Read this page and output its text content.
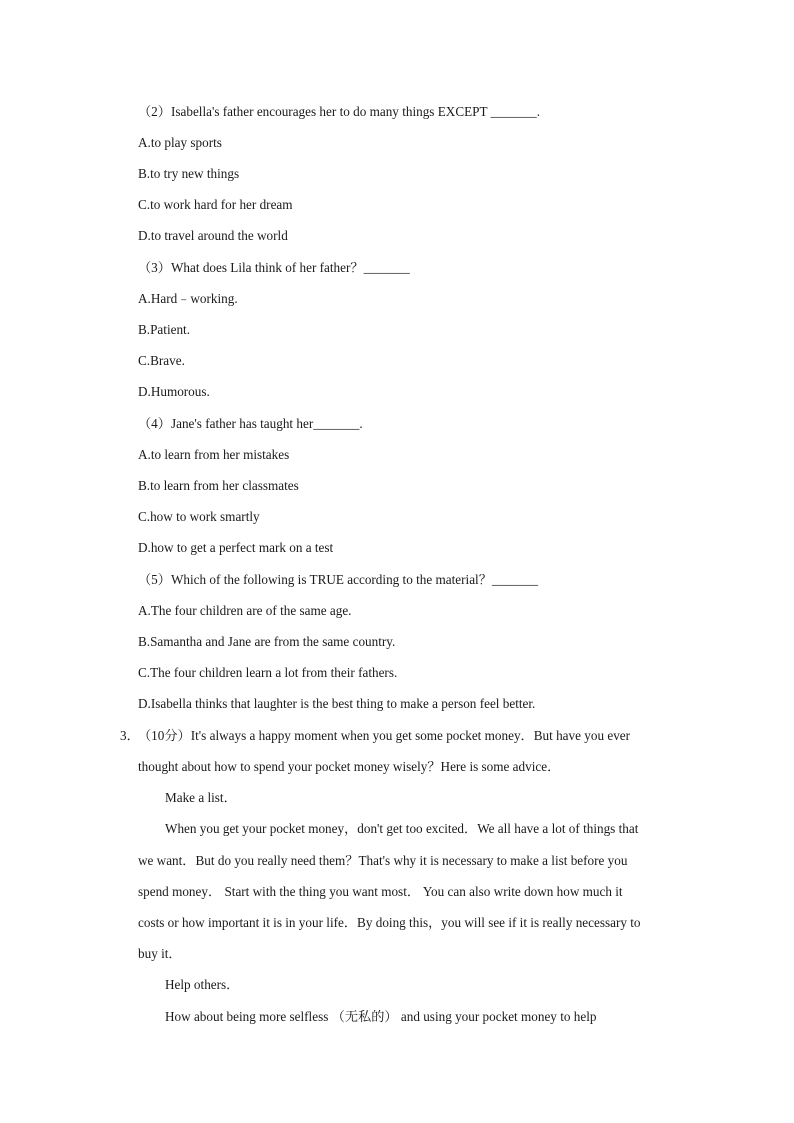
（2）Isabella's father encourages her to do many things EXCEPT _______.
A.to play sports
B.to try new things
C.to work hard for her dream
D.to travel around the world
（3）What does Lila think of her father？_______
A.Hard﹣working.
B.Patient.
C.Brave.
D.Humorous.
（4）Jane's father has taught her_______.
A.to learn from her mistakes
B.to learn from her classmates
C.how to work smartly
D.how to get a perfect mark on a test
（5）Which of the following is TRUE according to the material？_______
A.The four children are of the same age.
B.Samantha and Jane are from the same country.
C.The four children learn a lot from their fathers.
D.Isabella thinks that laughter is the best thing to make a person feel better.
3．
（10分）It's always a happy moment when you get some pocket money．But have you ever
thought about how to spend your pocket money wisely？Here is some advice．
Make a list．
When you get your pocket money，don't get too excited．We all have a lot of things that
we want．But do you really need them？That's why it is necessary to make a list before you
spend money． Start with the thing you want most． You can also write down how much it
costs or how important it is in your life．By doing this，you will see if it is really necessary to
buy it．
Help others．
How about being more selfless （无私的） and using your pocket money to help
